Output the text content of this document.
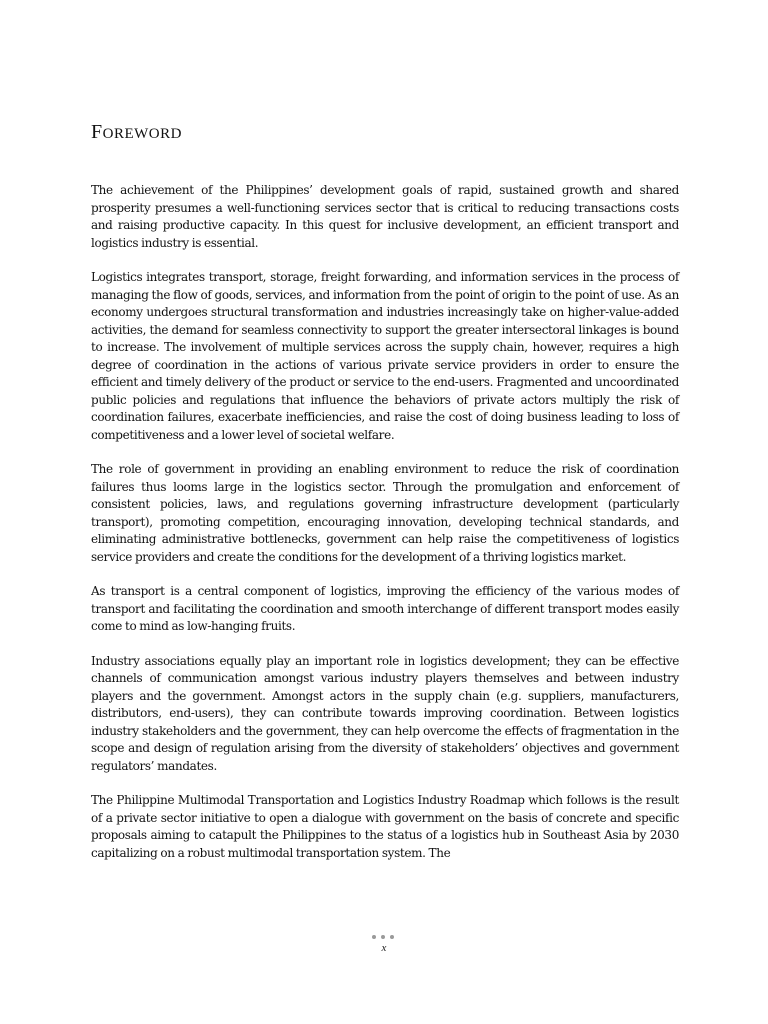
FOREWORD

The achievement of the Philippines’ development goals of rapid, sustained growth and shared prosperity presumes a well-functioning services sector that is critical to reducing transactions costs and raising productive capacity. In this quest for inclusive development, an efficient transport and logistics industry is essential.

Logistics integrates transport, storage, freight forwarding, and information services in the process of managing the flow of goods, services, and information from the point of origin to the point of use. As an economy undergoes structural transformation and industries increasingly take on higher-value-added activities, the demand for seamless connectivity to support the greater intersectoral linkages is bound to increase. The involvement of multiple services across the supply chain, however, requires a high degree of coordination in the actions of various private service providers in order to ensure the efficient and timely delivery of the product or service to the end-users. Fragmented and uncoordinated public policies and regulations that influence the behaviors of private actors multiply the risk of coordination failures, exacerbate inefficiencies, and raise the cost of doing business leading to loss of competitiveness and a lower level of societal welfare.

The role of government in providing an enabling environment to reduce the risk of coordination failures thus looms large in the logistics sector. Through the promulgation and enforcement of consistent policies, laws, and regulations governing infrastructure development (particularly transport), promoting competition, encouraging innovation, developing technical standards, and eliminating administrative bottlenecks, government can help raise the competitiveness of logistics service providers and create the conditions for the development of a thriving logistics market.

As transport is a central component of logistics, improving the efficiency of the various modes of transport and facilitating the coordination and smooth interchange of different transport modes easily come to mind as low-hanging fruits.

Industry associations equally play an important role in logistics development; they can be effective channels of communication amongst various industry players themselves and between industry players and the government. Amongst actors in the supply chain (e.g. suppliers, manufacturers, distributors, end-users), they can contribute towards improving coordination. Between logistics industry stakeholders and the government, they can help overcome the effects of fragmentation in the scope and design of regulation arising from the diversity of stakeholders’ objectives and government regulators’ mandates.

The Philippine Multimodal Transportation and Logistics Industry Roadmap which follows is the result of a private sector initiative to open a dialogue with government on the basis of concrete and specific proposals aiming to catapult the Philippines to the status of a logistics hub in Southeast Asia by 2030 capitalizing on a robust multimodal transportation system. The

x
